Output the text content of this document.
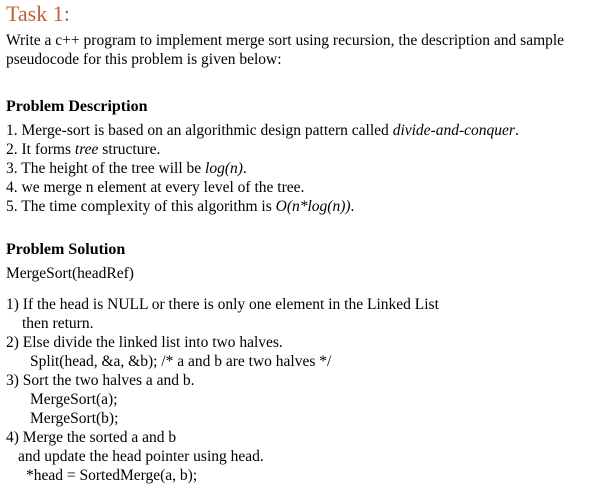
Task 1:
Write a c++ program to implement merge sort using recursion, the description and sample
pseudocode for this problem is given below:
Problem Description
1. Merge-sort is based on an algorithmic design pattern called divide-and-conquer.
2. It forms tree structure.
3. The height of the tree will be log(n).
4. we merge n element at every level of the tree.
5. The time complexity of this algorithm is O(n*log(n)).
Problem Solution
MergeSort(headRef)
1) If the head is NULL or there is only one element in the Linked List
then return.
2) Else divide the linked list into two halves.
Split(head, &a, &b); /* a and b are two halves */
3) Sort the two halves a and b.
MergeSort(a);
MergeSort(b);
4) Merge the sorted a and b
and update the head pointer using head.
*head = SortedMerge(a, b);
